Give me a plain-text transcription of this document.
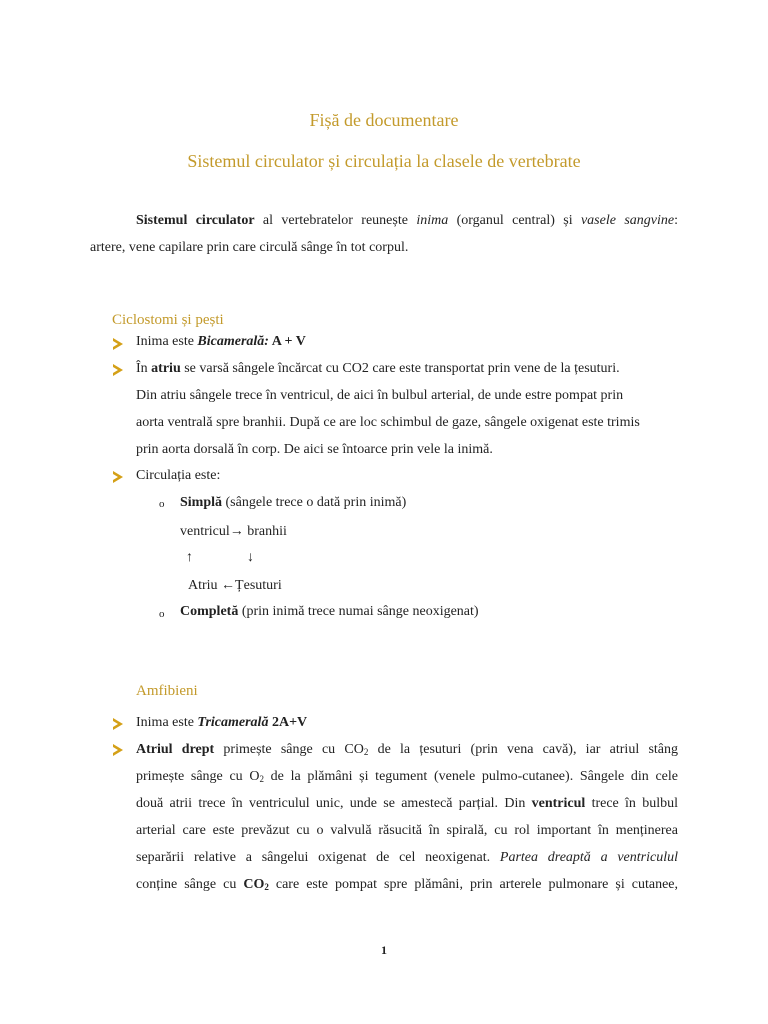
Fișă de documentare
Sistemul circulator și circulația la clasele de vertebrate
Sistemul circulator al vertebratelor reunește inima (organul central) și vasele sangvine:
artere, vene capilare prin care circulă sânge în tot corpul.
Ciclostomi și pești
Inima este Bicamerală: A + V
În atriu se varsă sângele încărcat cu CO2 care este transportat prin vene de la țesuturi.
Din atriu sângele trece în ventricul, de aici în bulbul arterial, de unde estre pompat prin
aorta ventrală spre branhii. După ce are loc schimbul de gaze, sângele oxigenat este trimis
prin aorta dorsală în corp. De aici se întoarce prin vele la inimă.
Circulația este:
o Simplă (sângele trece o dată prin inimă)
ventricul→ branhii
↑	↓
Atriu ←Țesuturi
o Completă (prin inimă trece numai sânge neoxigenat)
Amfibieni
Inima este Tricamerală 2A+V
Atriul drept primește sânge cu $CO_2$ de la țesuturi (prin vena cavă), iar atriul stâng
primește sânge cu $O_2$ de la plămâni și tegument (venele pulmo-cutanee). Sângele din cele
două atrii trece în ventriculul unic, unde se amestecă parțial. Din ventricul trece în bulbul
arterial care este prevăzut cu o valvulă răsucită în spirală, cu rol important în menținerea
separării relative a sângelui oxigenat de cel neoxigenat. Partea dreaptă a ventriculul
conține sânge cu $CO_2$ care este pompat spre plămâni, prin arterele pulmonare și cutanee,
1
